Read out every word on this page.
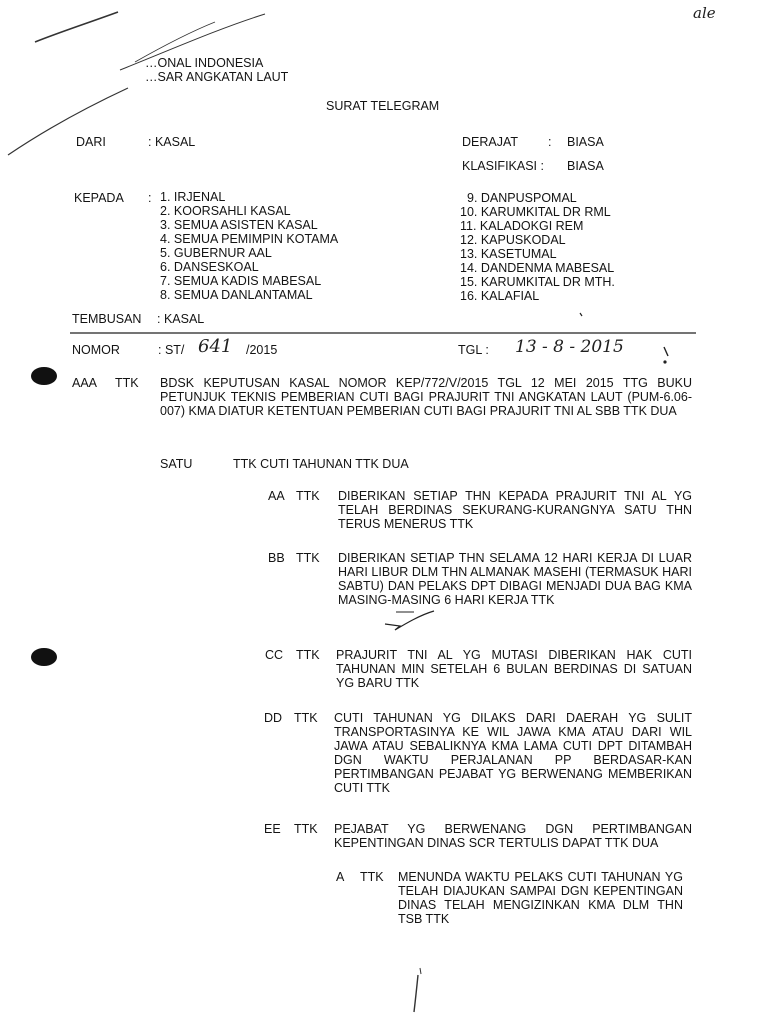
ale
…ONAL INDONESIA
…SAR ANGKATAN LAUT
SURAT TELEGRAM
DARI	: KASAL	DERAJAT : BIASA
KLASIFIKASI : BIASA
KEPADA : 1. IRJENAL
2. KOORSAHLI KASAL
3. SEMUA ASISTEN KASAL
4. SEMUA PEMIMPIN KOTAMA
5. GUBERNUR AAL
6. DANSESKOAL
7. SEMUA KADIS MABESAL
8. SEMUA DANLANTAMAL
9. DANPUSPOMAL
10. KARUMKITAL DR RML
11. KALADOKGI REM
12. KAPUSKODAL
13. KASETUMAL
14. DANDENMA MABESAL
15. KARUMKITAL DR MTH.
16. KALAFIAL
TEMBUSAN : KASAL
NOMOR	: ST/ 641 /2015	TGL : 13 - 8 - 2015
AAA TTK BDSK KEPUTUSAN KASAL NOMOR KEP/772/V/2015 TGL 12 MEI 2015 TTG BUKU PETUNJUK TEKNIS PEMBERIAN CUTI BAGI PRAJURIT TNI ANGKATAN LAUT (PUM-6.06-007) KMA DIATUR KETENTUAN PEMBERIAN CUTI BAGI PRAJURIT TNI AL SBB TTK DUA
SATU	TTK CUTI TAHUNAN TTK DUA
AA TTK DIBERIKAN SETIAP THN KEPADA PRAJURIT TNI AL YG TELAH BERDINAS SEKURANG-KURANGNYA SATU THN TERUS MENERUS TTK
BB TTK DIBERIKAN SETIAP THN SELAMA 12 HARI KERJA DI LUAR HARI LIBUR DLM THN ALMANAK MASEHI (TERMASUK HARI SABTU) DAN PELAKS DPT DIBAGI MENJADI DUA BAG KMA MASING-MASING 6 HARI KERJA TTK
CC TTK PRAJURIT TNI AL YG MUTASI DIBERIKAN HAK CUTI TAHUNAN MIN SETELAH 6 BULAN BERDINAS DI SATUAN YG BARU TTK
DD TTK CUTI TAHUNAN YG DILAKS DARI DAERAH YG SULIT TRANSPORTASINYA KE WIL JAWA KMA ATAU DARI WIL JAWA ATAU SEBALIKNYA KMA LAMA CUTI DPT DITAMBAH DGN WAKTU PERJALANAN PP BERDASAR-KAN PERTIMBANGAN PEJABAT YG BERWENANG MEMBERIKAN CUTI TTK
EE TTK PEJABAT YG BERWENANG DGN PERTIMBANGAN KEPENTINGAN DINAS SCR TERTULIS DAPAT TTK DUA
A TTK MENUNDA WAKTU PELAKS CUTI TAHUNAN YG TELAH DIAJUKAN SAMPAI DGN KEPENTINGAN DINAS TELAH MENGIZINKAN KMA DLM THN TSB TTK
